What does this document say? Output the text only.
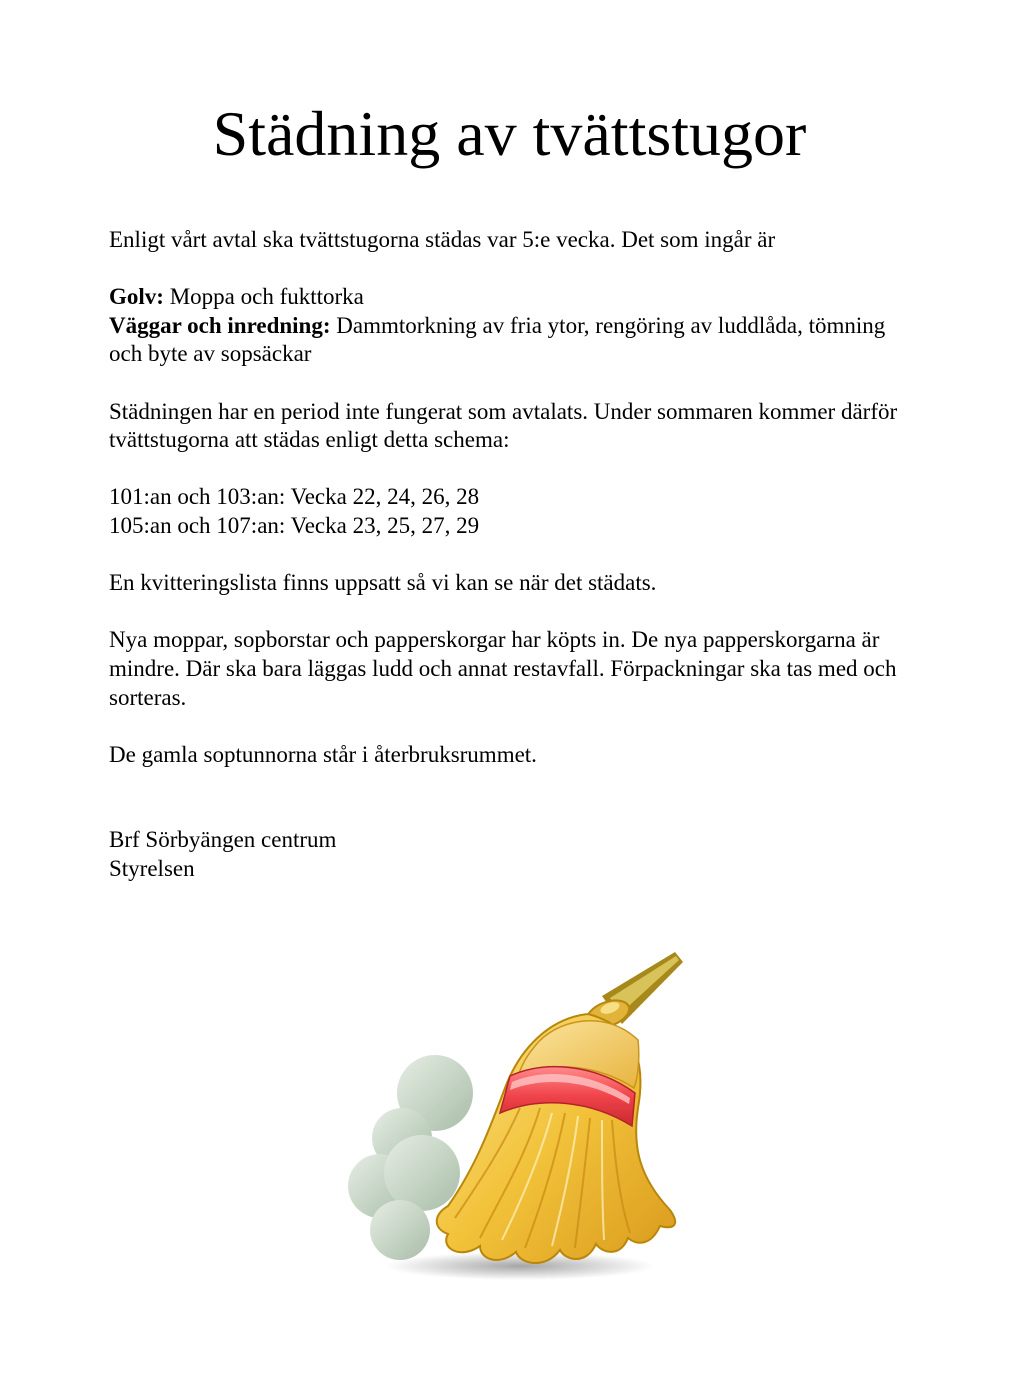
Städning av tvättstugor

Enligt vårt avtal ska tvättstugorna städas var 5:e vecka. Det som ingår är

Golv: Moppa och fukttorka

Väggar och inredning: Dammtorkning av fria ytor, rengöring av luddlåda, tömning och byte av sopsäckar

Städningen har en period inte fungerat som avtalats. Under sommaren kommer därför tvättstugorna att städas enligt detta schema:

101:an och 103:an: Vecka 22, 24, 26, 28

105:an och 107:an: Vecka 23, 25, 27, 29

En kvitteringslista finns uppsatt så vi kan se när det städats.

Nya moppar, sopborstar och papperskorgar har köpts in. De nya papperskorgarna är mindre. Där ska bara läggas ludd och annat restavfall. Förpackningar ska tas med och sorteras.

De gamla soptunnorna står i återbruksrummet.

Brf Sörbyängen centrum
Styrelsen
